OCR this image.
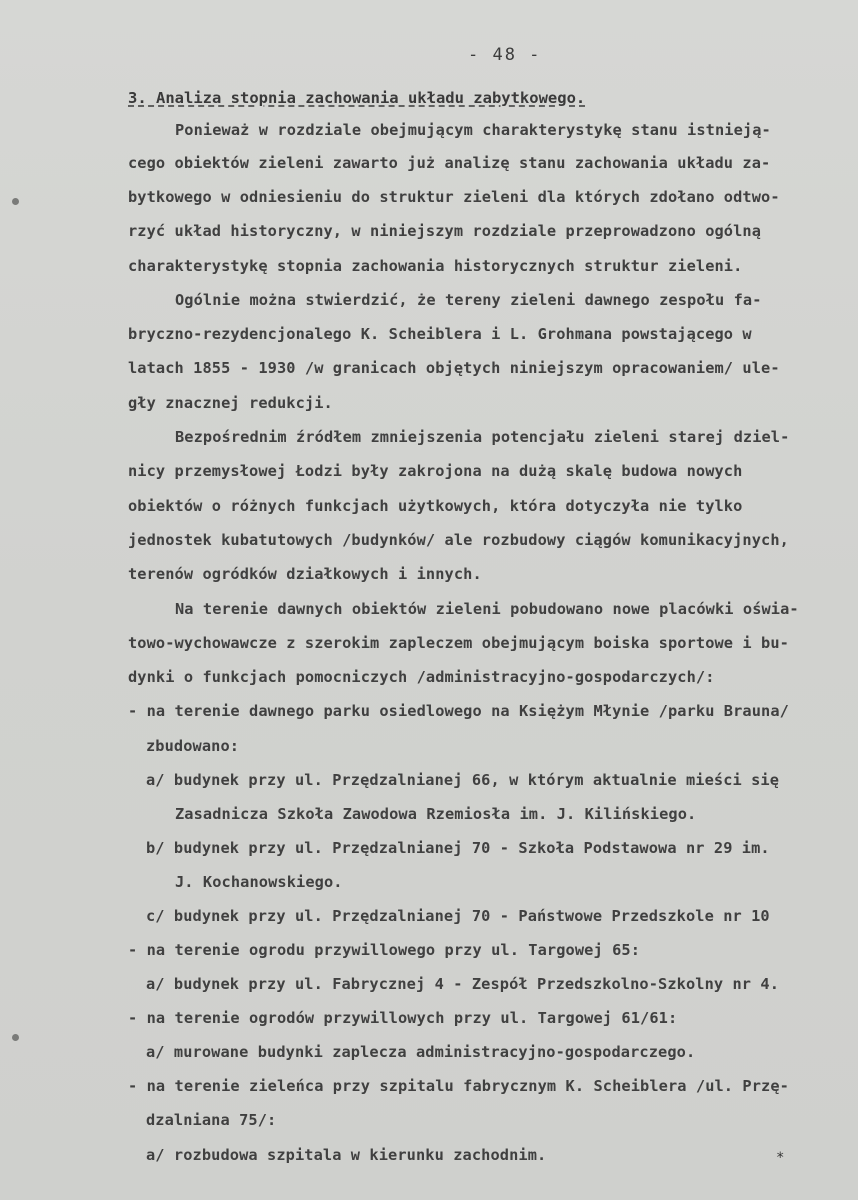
- 48 -
3. Analiza stopnia zachowania układu zabytkowego.
Ponieważ w rozdziale obejmującym charakterystykę stanu istnieją-
cego obiektów zieleni zawarto już analizę stanu zachowania układu za-
bytkowego w odniesieniu do struktur zieleni dla których zdołano odtwo-
rzyć układ historyczny, w niniejszym rozdziale przeprowadzono ogólną
charakterystykę stopnia zachowania historycznych struktur zieleni.
Ogólnie można stwierdzić, że tereny zieleni dawnego zespołu fa-
bryczno-rezydencjonalego K. Scheiblera i L. Grohmana powstającego w
latach 1855 - 1930 /w granicach objętych niniejszym opracowaniem/ ule-
gły znacznej redukcji.
Bezpośrednim źródłem zmniejszenia potencjału zieleni starej dziel-
nicy przemysłowej Łodzi były zakrojona na dużą skalę budowa nowych
obiektów o różnych funkcjach użytkowych, która dotyczyła nie tylko
jednostek kubatutowych /budynków/ ale rozbudowy ciągów komunikacyjnych,
terenów ogródków działkowych i innych.
Na terenie dawnych obiektów zieleni pobudowano nowe placówki oświa-
towo-wychowawcze z szerokim zapleczem obejmującym boiska sportowe i bu-
dynki o funkcjach pomocniczych /administracyjno-gospodarczych/:
- na terenie dawnego parku osiedlowego na Księżym Młynie /parku Brauna/
zbudowano:
a/ budynek przy ul. Przędzalnianej 66, w którym aktualnie mieści się
Zasadnicza Szkoła Zawodowa Rzemiosła im. J. Kilińskiego.
b/ budynek przy ul. Przędzalnianej 70 - Szkoła Podstawowa nr 29 im.
J. Kochanowskiego.
c/ budynek przy ul. Przędzalnianej 70 - Państwowe Przedszkole nr 10
- na terenie ogrodu przywillowego przy ul. Targowej 65:
a/ budynek przy ul. Fabrycznej 4 - Zespół Przedszkolno-Szkolny nr 4.
- na terenie ogrodów przywillowych przy ul. Targowej 61/61:
a/ murowane budynki zaplecza administracyjno-gospodarczego.
- na terenie zieleńca przy szpitalu fabrycznym K. Scheiblera /ul. Przę-
dzalniana 75/:
a/ rozbudowa szpitala w kierunku zachodnim.	*
